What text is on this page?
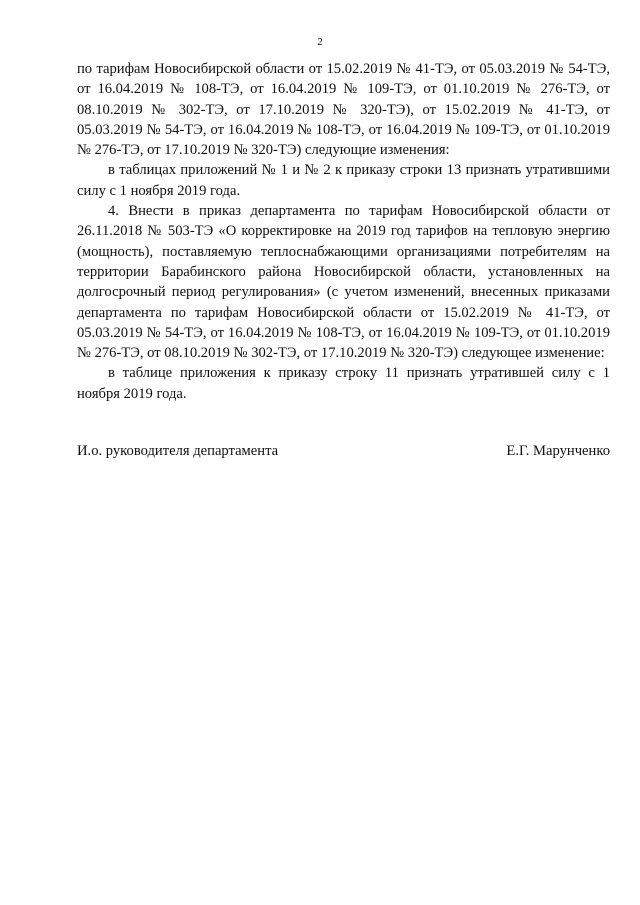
2

по тарифам Новосибирской области от 15.02.2019 № 41-ТЭ, от 05.03.2019 № 54-ТЭ, от 16.04.2019 № 108-ТЭ, от 16.04.2019 № 109-ТЭ, от 01.10.2019 № 276-ТЭ, от 08.10.2019 № 302-ТЭ, от 17.10.2019 № 320-ТЭ), от 15.02.2019 № 41-ТЭ, от 05.03.2019 № 54-ТЭ, от 16.04.2019 № 108-ТЭ, от 16.04.2019 № 109-ТЭ, от 01.10.2019 № 276-ТЭ, от 17.10.2019 № 320-ТЭ) следующие изменения:

в таблицах приложений № 1 и № 2 к приказу строки 13 признать утратившими силу с 1 ноября 2019 года.

4. Внести в приказ департамента по тарифам Новосибирской области от 26.11.2018 № 503-ТЭ «О корректировке на 2019 год тарифов на тепловую энергию (мощность), поставляемую теплоснабжающими организациями потребителям на территории Барабинского района Новосибирской области, установленных на долгосрочный период регулирования» (с учетом изменений, внесенных приказами департамента по тарифам Новосибирской области от 15.02.2019 № 41-ТЭ, от 05.03.2019 № 54-ТЭ, от 16.04.2019 № 108-ТЭ, от 16.04.2019 № 109-ТЭ, от 01.10.2019 № 276-ТЭ, от 08.10.2019 № 302-ТЭ, от 17.10.2019 № 320-ТЭ) следующее изменение:

в таблице приложения к приказу строку 11 признать утратившей силу с 1 ноября 2019 года.

И.о. руководителя департамента	Е.Г. Марунченко
